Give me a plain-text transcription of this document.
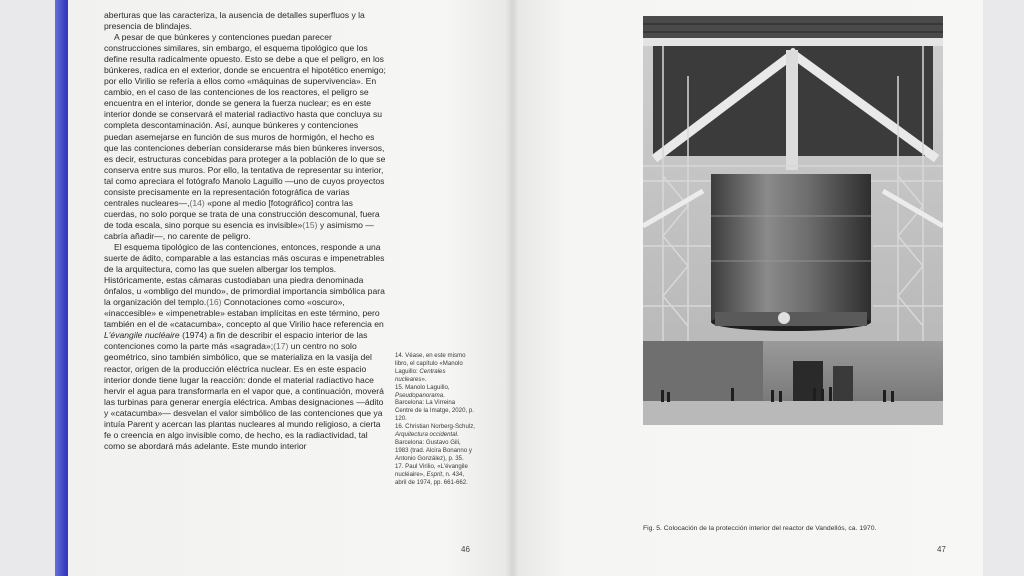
aberturas que las caracteriza, la ausencia de detalles superfluos y la presencia de blindajes.

A pesar de que búnkeres y contenciones puedan parecer construcciones similares, sin embargo, el esquema tipológico que los define resulta radicalmente opuesto. Esto se debe a que el peligro, en los búnkeres, radica en el exterior, donde se encuentra el hipotético enemigo; por ello Virilio se refería a ellos como «máquinas de supervivencia». En cambio, en el caso de las contenciones de los reactores, el peligro se encuentra en el interior, donde se genera la fuerza nuclear; es en este interior donde se conservará el material radiactivo hasta que concluya su completa descontaminación. Así, aunque búnkeres y contenciones puedan asemejarse en función de sus muros de hormigón, el hecho es que las contenciones deberían considerarse más bien búnkeres inversos, es decir, estructuras concebidas para proteger a la población de lo que se conserva entre sus muros. Por ello, la tentativa de representar su interior, tal como apreciara el fotógrafo Manolo Laguillo —uno de cuyos proyectos consiste precisamente en la representación fotográfica de varias centrales nucleares—,(14) «pone al medio [fotográfico] contra las cuerdas, no solo porque se trata de una construcción descomunal, fuera de toda escala, sino porque su esencia es invisible»(15) y asimismo —cabría añadir—, no carente de peligro.

El esquema tipológico de las contenciones, entonces, responde a una suerte de ádito, comparable a las estancias más oscuras e impenetrables de la arquitectura, como las que suelen albergar los templos. Históricamente, estas cámaras custodiaban una piedra denominada ónfalos, u «ombligo del mundo», de primordial importancia simbólica para la organización del templo.(16) Connotaciones como «oscuro», «inaccesible» e «impenetrable» estaban implícitas en este término, pero también en el de «catacumba», concepto al que Virilio hace referencia en L'évangile nucléaire (1974) a fin de describir el espacio interior de las contenciones como la parte más «sagrada»;(17) un centro no solo geométrico, sino también simbólico, que se materializa en la vasija del reactor, origen de la producción eléctrica nuclear. Es en este espacio interior donde tiene lugar la reacción: donde el material radiactivo hace hervir el agua para transformarla en el vapor que, a continuación, moverá las turbinas para generar energía eléctrica. Ambas designaciones —ádito y «catacumba»— desvelan el valor simbólico de las contenciones que ya intuía Parent y acercan las plantas nucleares al mundo religioso, a cierta fe o creencia en algo invisible como, de hecho, es la radiactividad, tal como se abordará más adelante. Este mundo interior

14. Véase, en este mismo libro, el capítulo «Manolo Laguillo: Centrales nucleares».

15. Manolo Laguillo, Pseudopanorama. Barcelona: La Virreina Centre de la Imatge, 2020, p. 120.

16. Christian Norberg-Schulz, Arquitectura occidental. Barcelona: Gustavo Gili, 1983 (trad. Alcira Bonanno y Antonio González), p. 35.

17. Paul Virilio, «L'évangile nucléaire», Esprit, n. 434, abril de 1974, pp. 661-662.

46
Fig. 5. Colocación de la protección interior del reactor de Vandellós, ca. 1970.
47
